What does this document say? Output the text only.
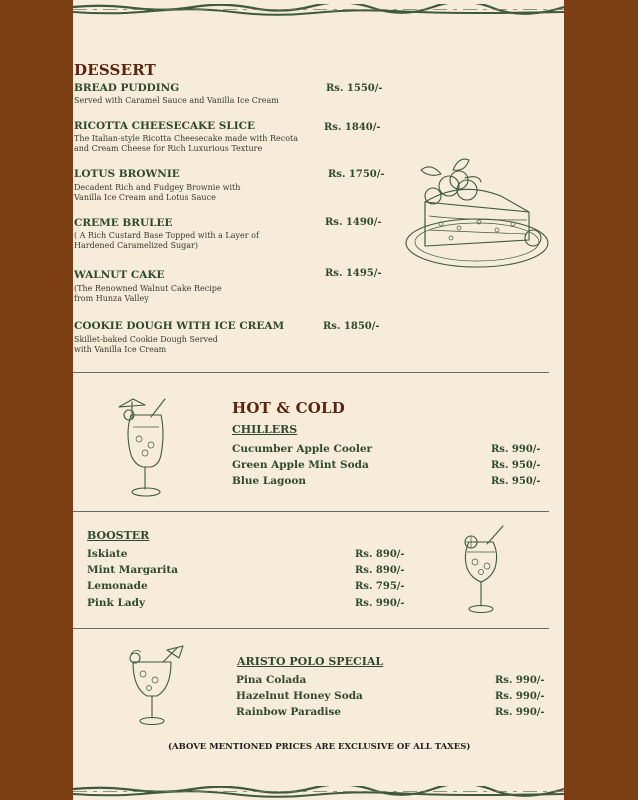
DESSERT
BREAD PUDDING	Rs. 1550/-
Served with Caramel Sauce and Vanilla Ice Cream
RICOTTA CHEESECAKE SLICE	Rs. 1840/-
The Italian-style Ricotta Cheesecake made with Recota
and Cream Cheese for Rich Luxurious Texture
LOTUS BROWNIE	Rs. 1750/-
Decadent Rich and Fudgey Brownie with
Vanilla Ice Cream and Lotus Sauce
CREME BRULEE	Rs. 1490/-
( A Rich Custard Base Topped with a Layer of
Hardened Caramelized Sugar)
WALNUT CAKE	Rs. 1495/-
(The Renowned Walnut Cake Recipe
from Hunza Valley
COOKIE DOUGH WITH ICE CREAM	Rs. 1850/-
Skillet-baked Cookie Dough Served
with Vanilla Ice Cream
HOT & COLD
CHILLERS
Cucumber Apple Cooler	Rs. 990/-
Green Apple Mint Soda	Rs. 950/-
Blue Lagoon	Rs. 950/-
BOOSTER
Iskiate	Rs. 890/-
Mint Margarita	Rs. 890/-
Lemonade	Rs. 795/-
Pink Lady	Rs. 990/-
ARISTO POLO SPECIAL
Pina Colada	Rs. 990/-
Hazelnut Honey Soda	Rs. 990/-
Rainbow Paradise	Rs. 990/-
(ABOVE MENTIONED PRICES ARE EXCLUSIVE OF ALL TAXES)
